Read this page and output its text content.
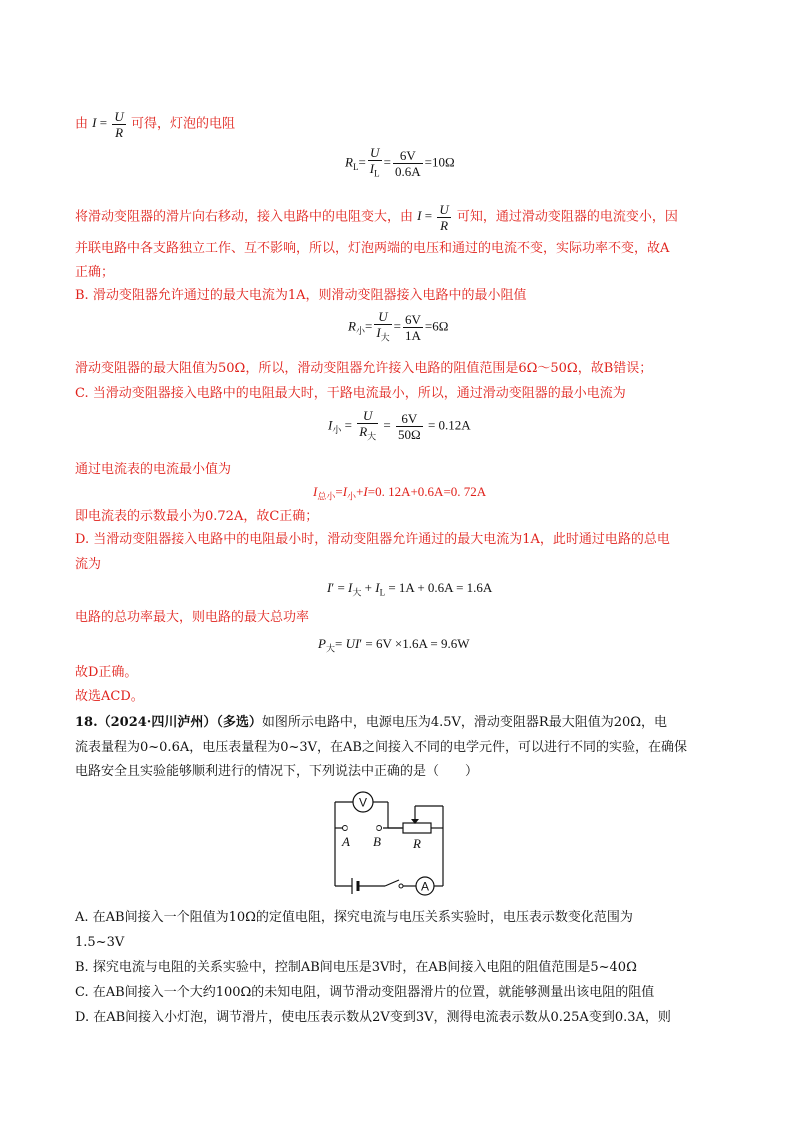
由 $I = \frac{U}{R}$ 可得，灯泡的电阻
$R_L= \frac{U}{I_L} = \frac{6V}{0.6A} =10\Omega$
将滑动变阻器的滑片向右移动，接入电路中的电阻变大，由 $I = \frac{U}{R}$ 可知，通过滑动变阻器的电流变小，因
并联电路中各支路独立工作、互不影响，所以，灯泡两端的电压和通过的电流不变，实际功率不变，故A
正确；
B. 滑动变阻器允许通过的最大电流为1A，则滑动变阻器接入电路中的最小阻值
$R_小= \frac{U}{I_大} = \frac{6V}{1A} =6\Omega$
滑动变阻器的最大阻值为50Ω，所以，滑动变阻器允许接入电路的阻值范围是6Ω～50Ω，故B错误；
C. 当滑动变阻器接入电路中的电阻最大时，干路电流最小，所以，通过滑动变阻器的最小电流为
$I_小 = \frac{U}{R_大} = \frac{6V}{50\Omega} = 0.12A$
通过电流表的电流最小值为
$I_{总小}=I_小+I=0$. 12A+0.6A=0. 72A
即电流表的示数最小为0.72A，故C正确；
D. 当滑动变阻器接入电路中的电阻最小时，滑动变阻器允许通过的最大电流为1A，此时通过电路的总电
流为
$I' = I_大 + I_L = 1A + 0.6A = 1.6A$
电路的总功率最大，则电路的最大总功率
$P_大= UI' = 6V \times 1.6A = 9.6W$
故D正确。
故选ACD。
18.（2024·四川泸州）（多选）如图所示电路中，电源电压为4.5V，滑动变阻器R最大阻值为20Ω，电
流表量程为0~0.6A，电压表量程为0~3V，在AB之间接入不同的电学元件，可以进行不同的实验，在确保
电路安全且实验能够顺利进行的情况下，下列说法中正确的是（　　）
V
A
A B R
A. 在AB间接入一个阻值为10Ω的定值电阻，探究电流与电压关系实验时，电压表示数变化范围为
1.5~3V
B. 探究电流与电阻的关系实验中，控制AB间电压是3V时，在AB间接入电阻的阻值范围是5~40Ω
C. 在AB间接入一个大约100Ω的未知电阻，调节滑动变阻器滑片的位置，就能够测量出该电阻的阻值
D. 在AB间接入小灯泡，调节滑片，使电压表示数从2V变到3V，测得电流表示数从0.25A变到0.3A，则
